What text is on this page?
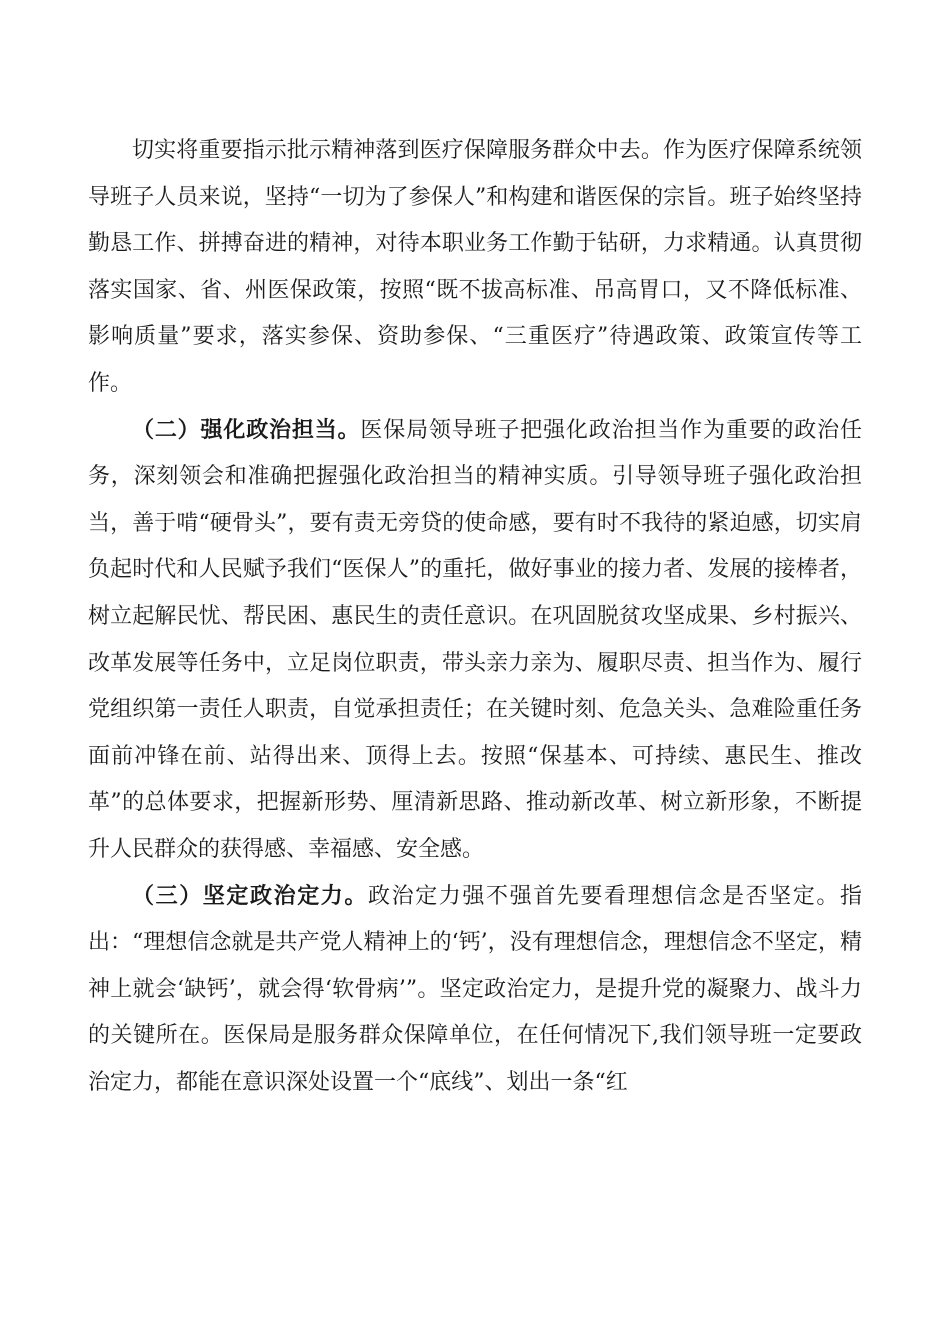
切实将重要指示批示精神落到医疗保障服务群众中去。作为医疗保障系统领导班子人员来说，坚持“一切为了参保人”和构建和谐医保的宗旨。班子始终坚持勤恳工作、拼搏奋进的精神，对待本职业务工作勤于钻研，力求精通。认真贯彻落实国家、省、州医保政策，按照“既不拔高标准、吊高胃口，又不降低标准、影响质量”要求，落实参保、资助参保、“三重医疗”待遇政策、政策宣传等工作。

（二）强化政治担当。医保局领导班子把强化政治担当作为重要的政治任务，深刻领会和准确把握强化政治担当的精神实质。引导领导班子强化政治担当，善于啃“硬骨头”，要有责无旁贷的使命感，要有时不我待的紧迫感，切实肩负起时代和人民赋予我们“医保人”的重托，做好事业的接力者、发展的接棒者，树立起解民忧、帮民困、惠民生的责任意识。在巩固脱贫攻坚成果、乡村振兴、改革发展等任务中，立足岗位职责，带头亲力亲为、履职尽责、担当作为、履行党组织第一责任人职责，自觉承担责任；在关键时刻、危急关头、急难险重任务面前冲锋在前、站得出来、顶得上去。按照“保基本、可持续、惠民生、推改革”的总体要求，把握新形势、厘清新思路、推动新改革、树立新形象，不断提升人民群众的获得感、幸福感、安全感。

（三）坚定政治定力。政治定力强不强首先要看理想信念是否坚定。指出：“理想信念就是共产党人精神上的‘钙’，没有理想信念，理想信念不坚定，精神上就会‘缺钙’，就会得‘软骨病’”。坚定政治定力，是提升党的凝聚力、战斗力的关键所在。医保局是服务群众保障单位，在任何情况下,我们领导班一定要政治定力，都能在意识深处设置一个“底线”、划出一条“红
